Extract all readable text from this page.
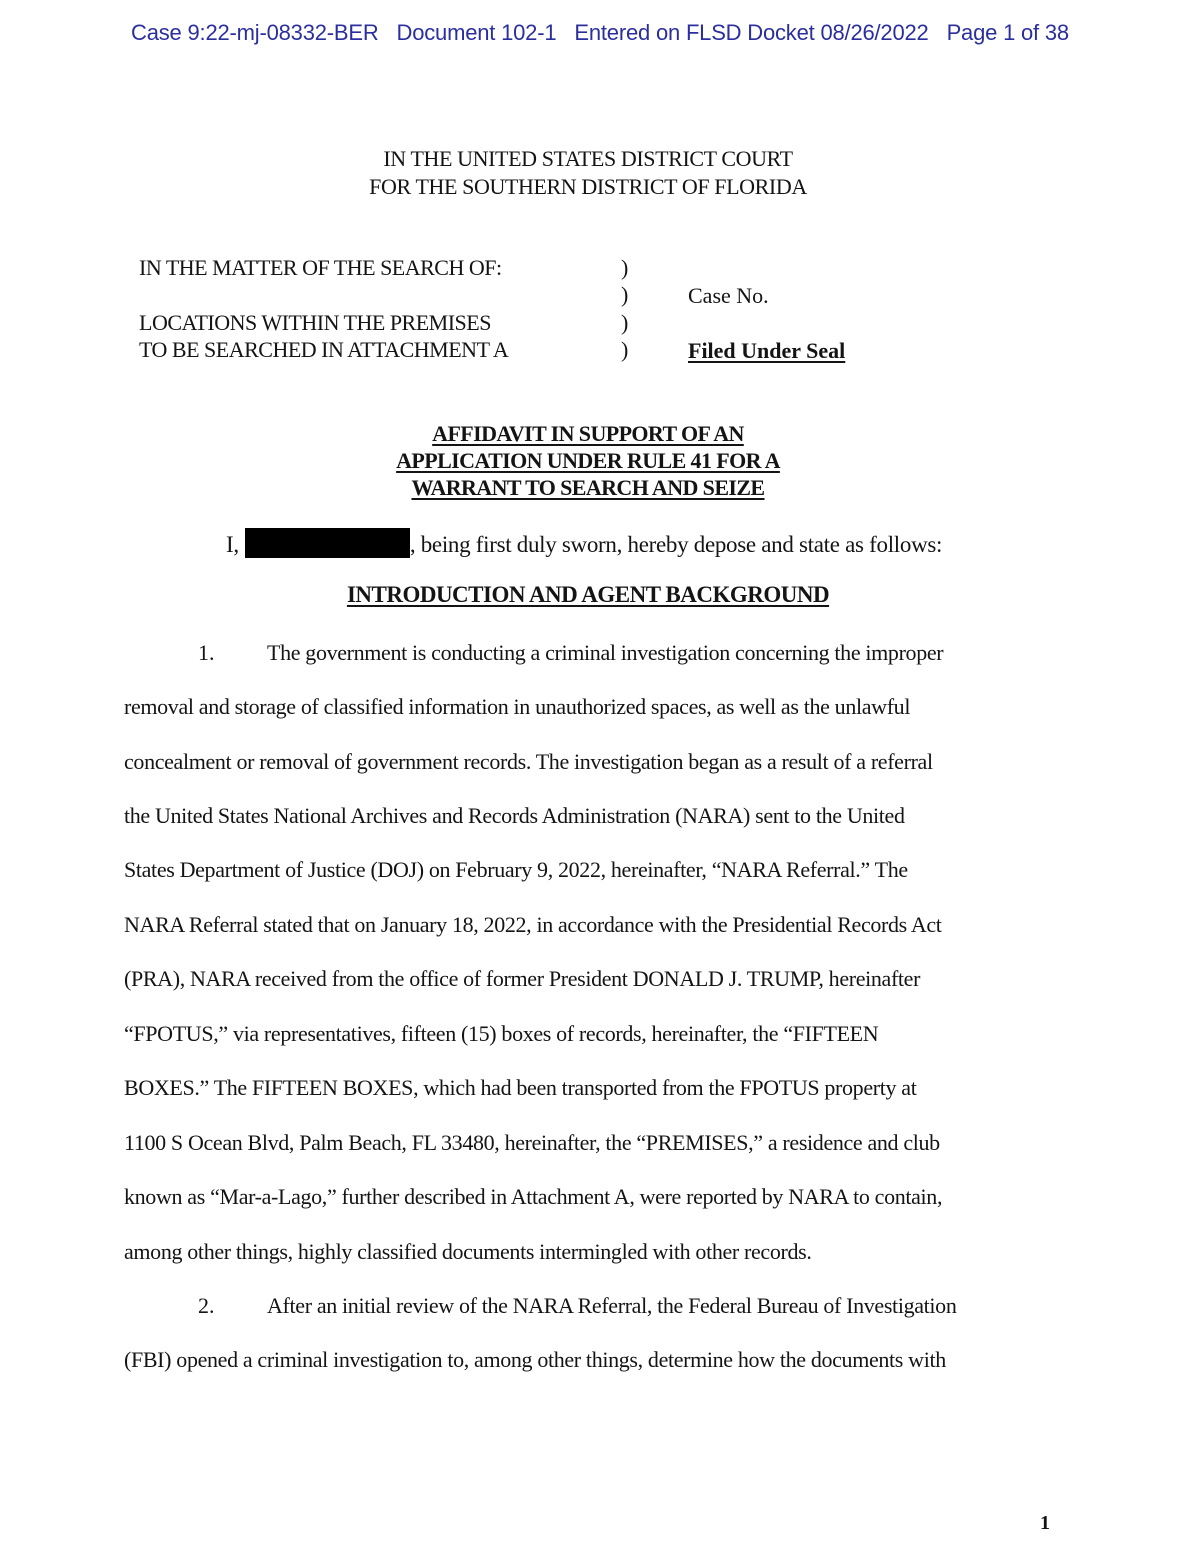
Case 9:22-mj-08332-BER Document 102-1 Entered on FLSD Docket 08/26/2022 Page 1 of 38
IN THE UNITED STATES DISTRICT COURT
FOR THE SOUTHERN DISTRICT OF FLORIDA
IN THE MATTER OF THE SEARCH OF:
LOCATIONS WITHIN THE PREMISES
TO BE SEARCHED IN ATTACHMENT A
)
)
)
)
Case No.
Filed Under Seal
AFFIDAVIT IN SUPPORT OF AN
APPLICATION UNDER RULE 41 FOR A
WARRANT TO SEARCH AND SEIZE
I,	, being first duly sworn, hereby depose and state as follows:
INTRODUCTION AND AGENT BACKGROUND
1. The government is conducting a criminal investigation concerning the improper
removal and storage of classified information in unauthorized spaces, as well as the unlawful
concealment or removal of government records. The investigation began as a result of a referral
the United States National Archives and Records Administration (NARA) sent to the United
States Department of Justice (DOJ) on February 9, 2022, hereinafter, “NARA Referral.” The
NARA Referral stated that on January 18, 2022, in accordance with the Presidential Records Act
(PRA), NARA received from the office of former President DONALD J. TRUMP, hereinafter
“FPOTUS,” via representatives, fifteen (15) boxes of records, hereinafter, the “FIFTEEN
BOXES.” The FIFTEEN BOXES, which had been transported from the FPOTUS property at
1100 S Ocean Blvd, Palm Beach, FL 33480, hereinafter, the “PREMISES,” a residence and club
known as “Mar-a-Lago,” further described in Attachment A, were reported by NARA to contain,
among other things, highly classified documents intermingled with other records.
2. After an initial review of the NARA Referral, the Federal Bureau of Investigation
(FBI) opened a criminal investigation to, among other things, determine how the documents with
1
